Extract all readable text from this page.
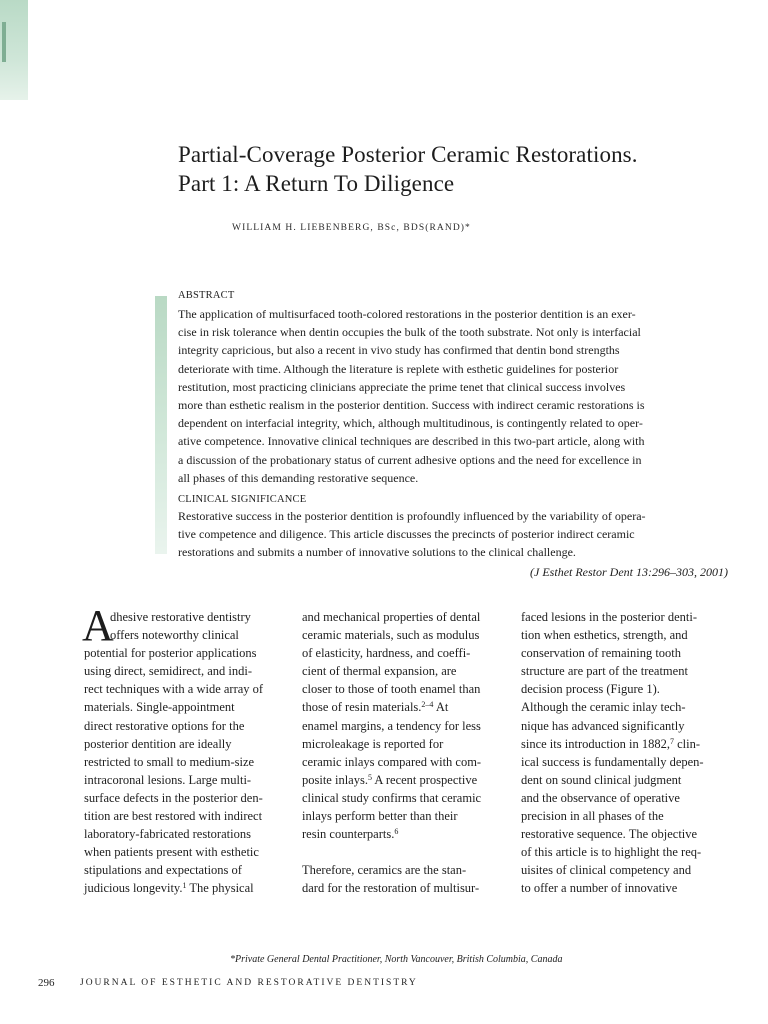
Partial-Coverage Posterior Ceramic Restorations.
Part 1: A Return To Diligence
WILLIAM H. LIEBENBERG, BSc, BDS(RAND)*
ABSTRACT
The application of multisurfaced tooth-colored restorations in the posterior dentition is an exer-
cise in risk tolerance when dentin occupies the bulk of the tooth substrate. Not only is interfacial
integrity capricious, but also a recent in vivo study has confirmed that dentin bond strengths
deteriorate with time. Although the literature is replete with esthetic guidelines for posterior
restitution, most practicing clinicians appreciate the prime tenet that clinical success involves
more than esthetic realism in the posterior dentition. Success with indirect ceramic restorations is
dependent on interfacial integrity, which, although multitudinous, is contingently related to oper-
ative competence. Innovative clinical techniques are described in this two-part article, along with
a discussion of the probationary status of current adhesive options and the need for excellence in
all phases of this demanding restorative sequence.
CLINICAL SIGNIFICANCE
Restorative success in the posterior dentition is profoundly influenced by the variability of opera-
tive competence and diligence. This article discusses the precincts of posterior indirect ceramic
restorations and submits a number of innovative solutions to the clinical challenge.
(J Esthet Restor Dent 13:296–303, 2001)
A
dhesive restorative dentistry
offers noteworthy clinical
potential for posterior applications
using direct, semidirect, and indi-
rect techniques with a wide array of
materials. Single-appointment
direct restorative options for the
posterior dentition are ideally
restricted to small to medium-size
intracoronal lesions. Large multi-
surface defects in the posterior den-
tition are best restored with indirect
laboratory-fabricated restorations
when patients present with esthetic
stipulations and expectations of
judicious longevity.$^1$ The physical
and mechanical properties of dental
ceramic materials, such as modulus
of elasticity, hardness, and coeffi-
cient of thermal expansion, are
closer to those of tooth enamel than
those of resin materials.$^{2-4}$ At
enamel margins, a tendency for less
microleakage is reported for
ceramic inlays compared with com-
posite inlays.$^5$ A recent prospective
clinical study confirms that ceramic
inlays perform better than their
resin counterparts.$^6$
Therefore, ceramics are the stan-
dard for the restoration of multisur-
faced lesions in the posterior denti-
tion when esthetics, strength, and
conservation of remaining tooth
structure are part of the treatment
decision process (Figure 1).
Although the ceramic inlay tech-
nique has advanced significantly
since its introduction in 1882,$^7$ clin-
ical success is fundamentally depen-
dent on sound clinical judgment
and the observance of operative
precision in all phases of the
restorative sequence. The objective
of this article is to highlight the req-
uisites of clinical competency and
to offer a number of innovative
*Private General Dental Practitioner, North Vancouver, British Columbia, Canada
296	JOURNAL OF ESTHETIC AND RESTORATIVE DENTISTRY
